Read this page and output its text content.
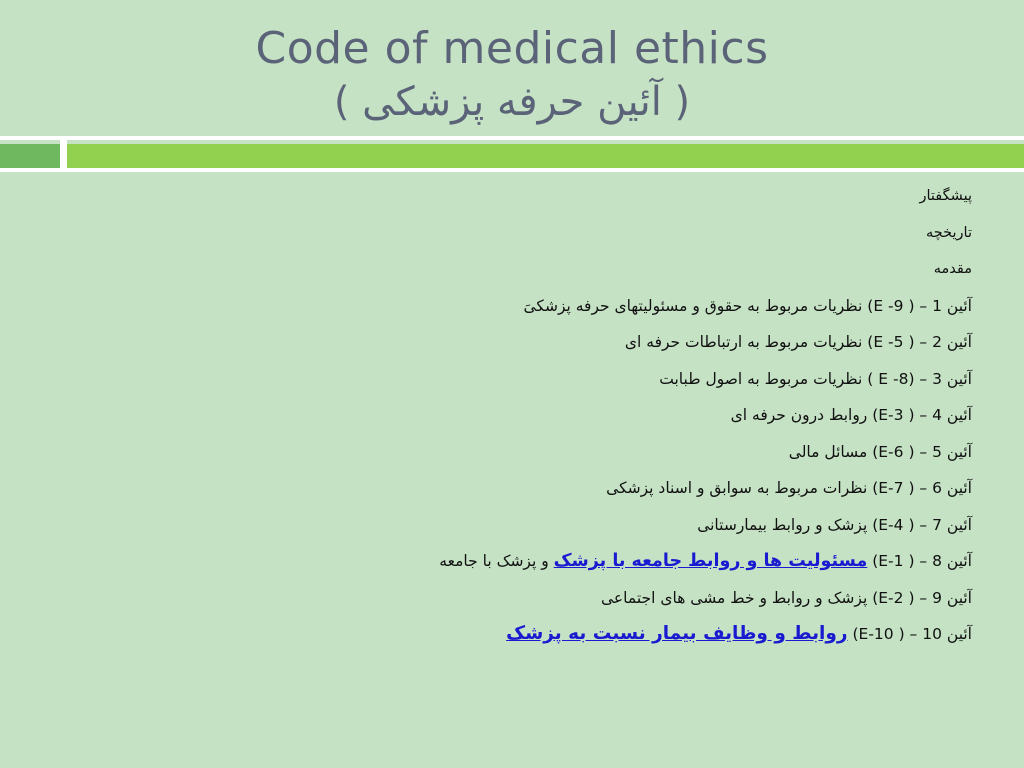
Code of medical ethics
( آئین حرفه پزشکی )
پیشگفتار
تاریخچه
مقدمه
آئین 1 – ( 9- E) نظریات مربوط به حقوق و مسئولیتهای حرفه پزشکیَ
آئین 2 – ( 5- E) نظریات مربوط به ارتباطات حرفه ای
آئین 3 – (8- E ) نظریات مربوط به اصول طبابت
آئین 4 – ( E-3) روابط درون حرفه ای
آئین 5 – ( E-6) مسائل مالی
آئین 6 – ( E-7) نظرات مربوط به سوابق و اسناد پزشکی
آئین 7 – ( E-4) پزشک و روابط بیمارستانی
آئین 8 – ( E-1) مسئولیت ها و روابط جامعه با پزشک و پزشک با جامعه
آئین 9 – ( E-2) پزشک و روابط و خط مشی های اجتماعی
آئین 10 – ( E-10) روابط و وظایف بیمار نسبت به پزشک
